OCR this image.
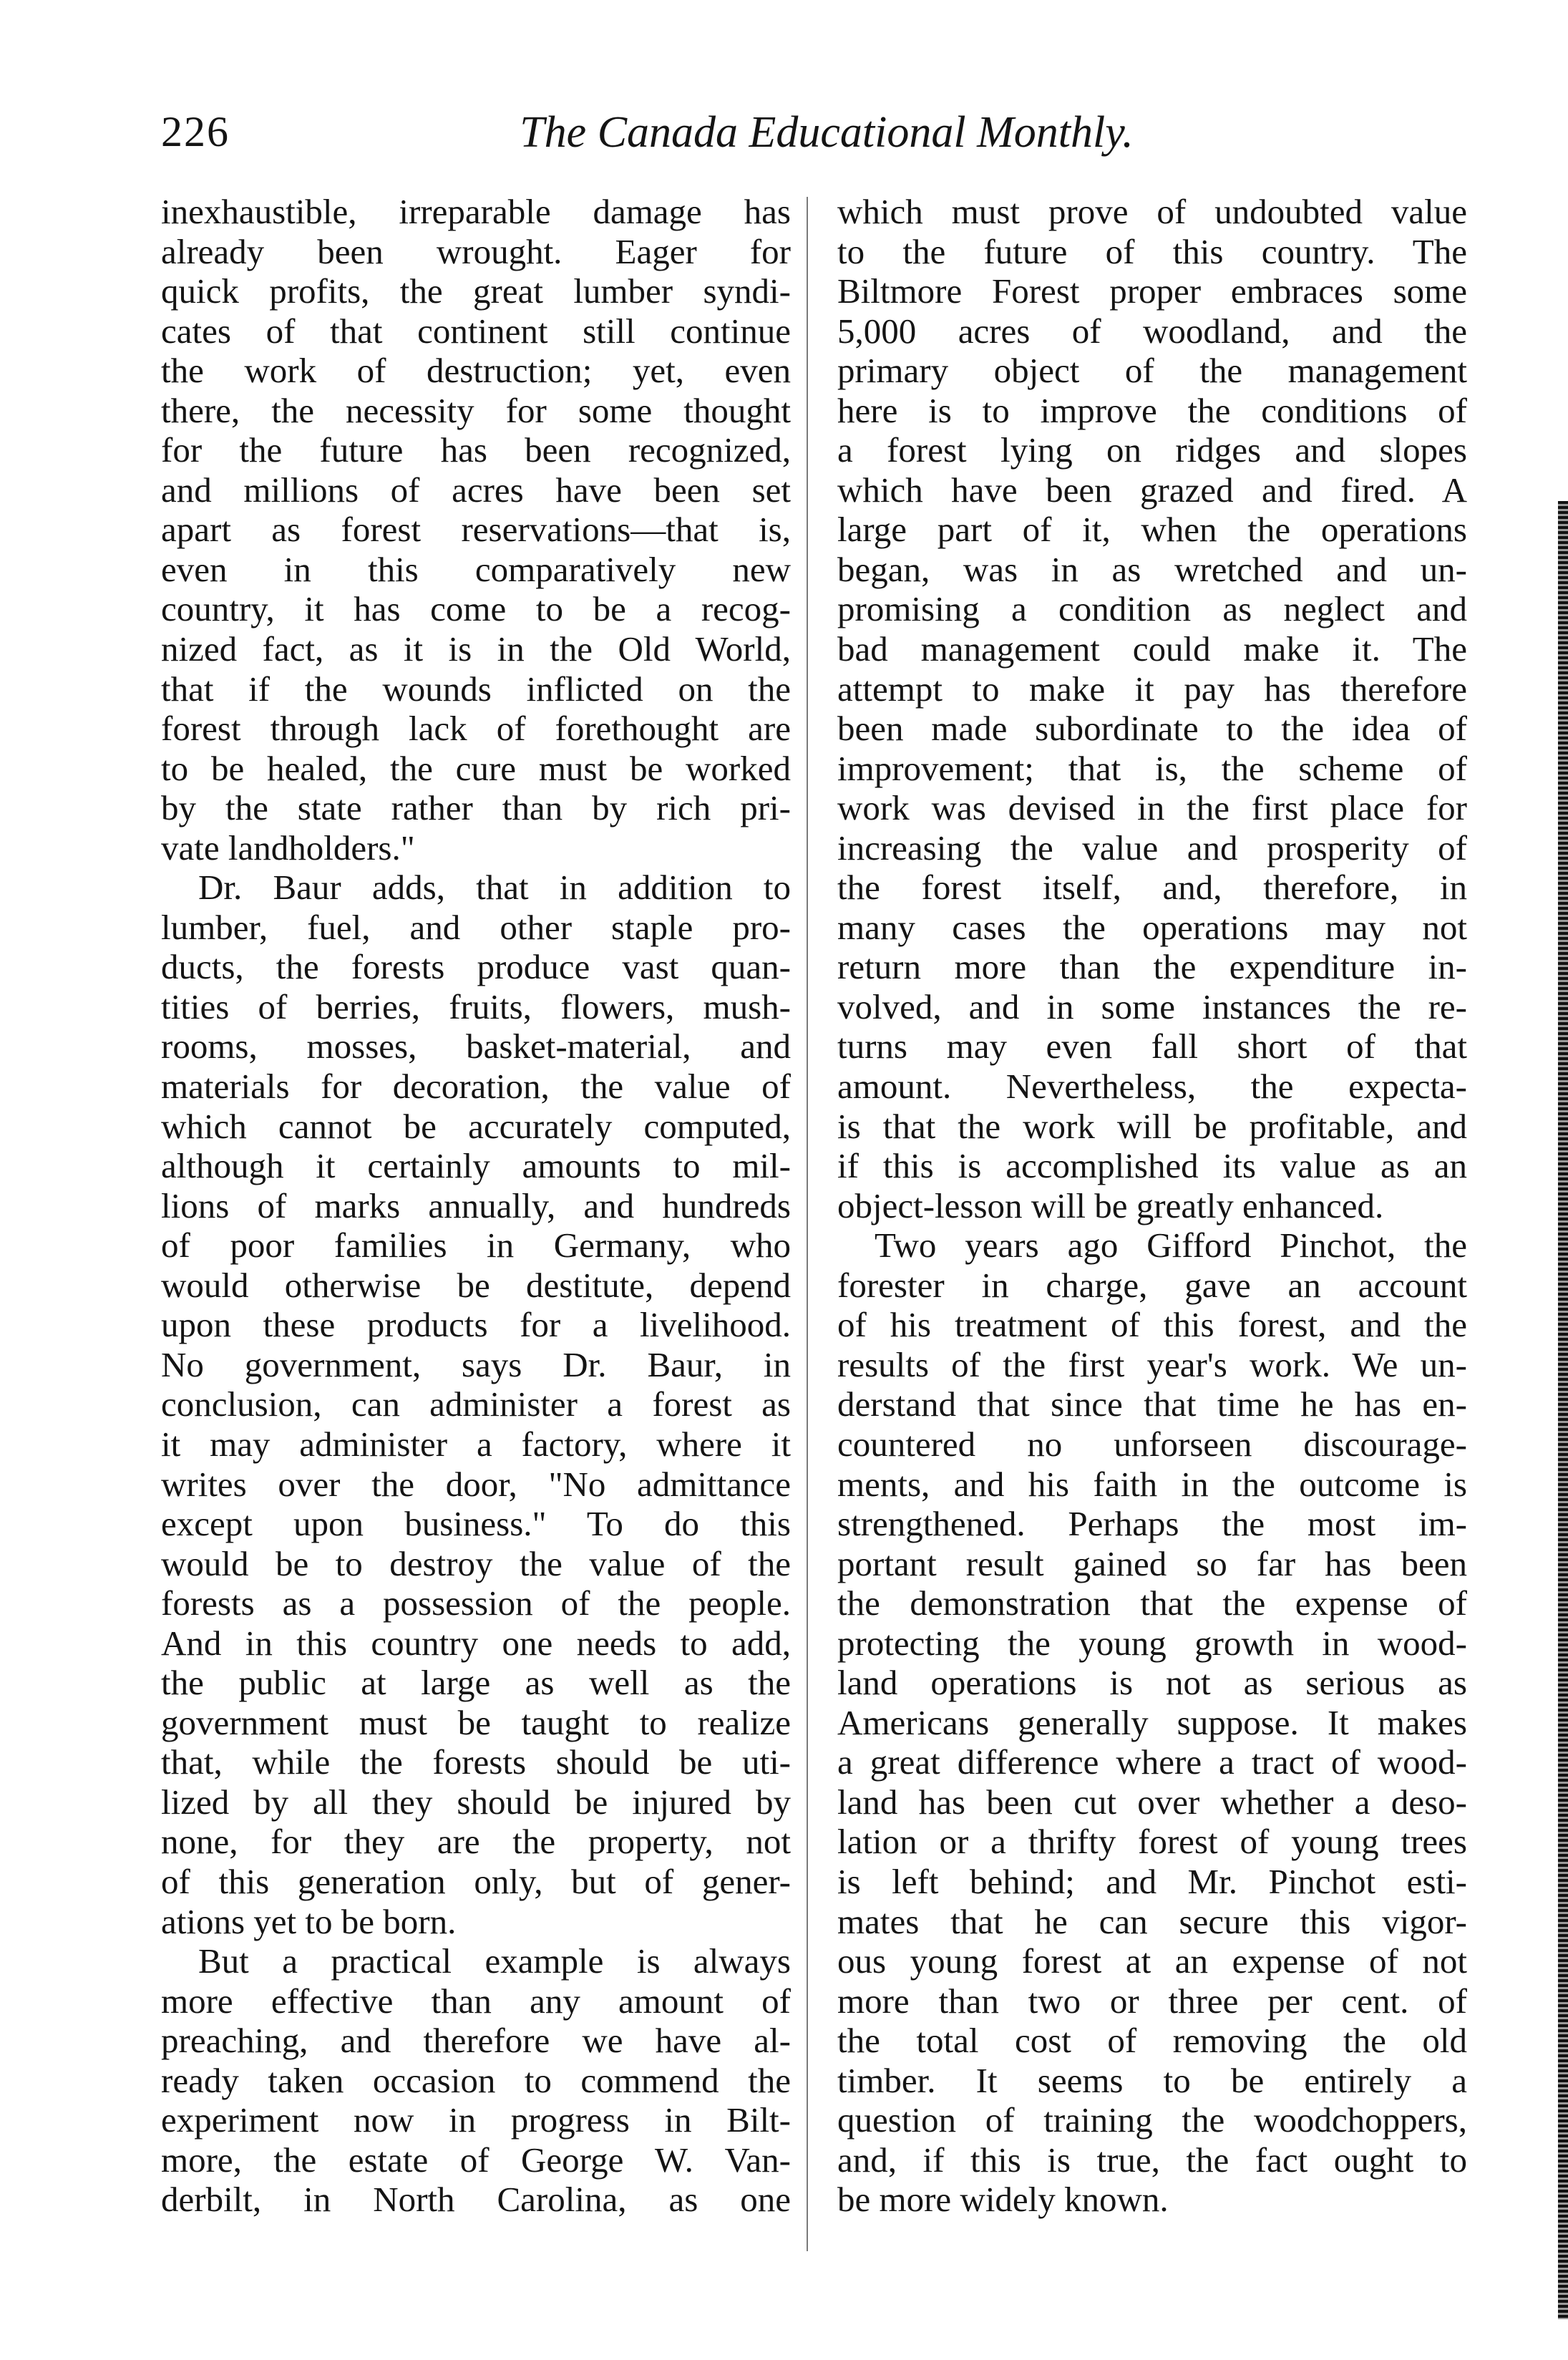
226	The Canada Educational Monthly.

inexhaustible, irreparable damage has
already been wrought. Eager for
quick profits, the great lumber syndi-
cates of that continent still continue
the work of destruction; yet, even
there, the necessity for some thought
for the future has been recognized,
and millions of acres have been set
apart as forest reservations—that is,
even in this comparatively new
country, it has come to be a recog-
nized fact, as it is in the Old World,
that if the wounds inflicted on the
forest through lack of forethought are
to be healed, the cure must be worked
by the state rather than by rich pri-
vate landholders."

Dr. Baur adds, that in addition to
lumber, fuel, and other staple pro-
ducts, the forests produce vast quan-
tities of berries, fruits, flowers, mush-
rooms, mosses, basket-material, and
materials for decoration, the value of
which cannot be accurately computed,
although it certainly amounts to mil-
lions of marks annually, and hundreds
of poor families in Germany, who
would otherwise be destitute, depend
upon these products for a livelihood.
No government, says Dr. Baur, in
conclusion, can administer a forest as
it may administer a factory, where it
writes over the door, "No admittance
except upon business." To do this
would be to destroy the value of the
forests as a possession of the people.
And in this country one needs to add,
the public at large as well as the
government must be taught to realize
that, while the forests should be uti-
lized by all they should be injured by
none, for they are the property, not
of this generation only, but of gener-
ations yet to be born.

But a practical example is always
more effective than any amount of
preaching, and therefore we have al-
ready taken occasion to commend the
experiment now in progress in Bilt-
more, the estate of George W. Van-
derbilt, in North Carolina, as one

which must prove of undoubted value
to the future of this country. The
Biltmore Forest proper embraces some
5,000 acres of woodland, and the
primary object of the management
here is to improve the conditions of
a forest lying on ridges and slopes
which have been grazed and fired. A
large part of it, when the operations
began, was in as wretched and un-
promising a condition as neglect and
bad management could make it. The
attempt to make it pay has therefore
been made subordinate to the idea of
improvement; that is, the scheme of
work was devised in the first place for
increasing the value and prosperity of
the forest itself, and, therefore, in
many cases the operations may not
return more than the expenditure in-
volved, and in some instances the re-
turns may even fall short of that
amount. Nevertheless, the expecta-
is that the work will be profitable, and
if this is accomplished its value as an
object-lesson will be greatly enhanced.

Two years ago Gifford Pinchot, the
forester in charge, gave an account
of his treatment of this forest, and the
results of the first year's work. We un-
derstand that since that time he has en-
countered no unforseen discourage-
ments, and his faith in the outcome is
strengthened. Perhaps the most im-
portant result gained so far has been
the demonstration that the expense of
protecting the young growth in wood-
land operations is not as serious as
Americans generally suppose. It makes
a great difference where a tract of wood-
land has been cut over whether a deso-
lation or a thrifty forest of young trees
is left behind; and Mr. Pinchot esti-
mates that he can secure this vigor-
ous young forest at an expense of not
more than two or three per cent. of
the total cost of removing the old
timber. It seems to be entirely a
question of training the woodchoppers,
and, if this is true, the fact ought to
be more widely known.
